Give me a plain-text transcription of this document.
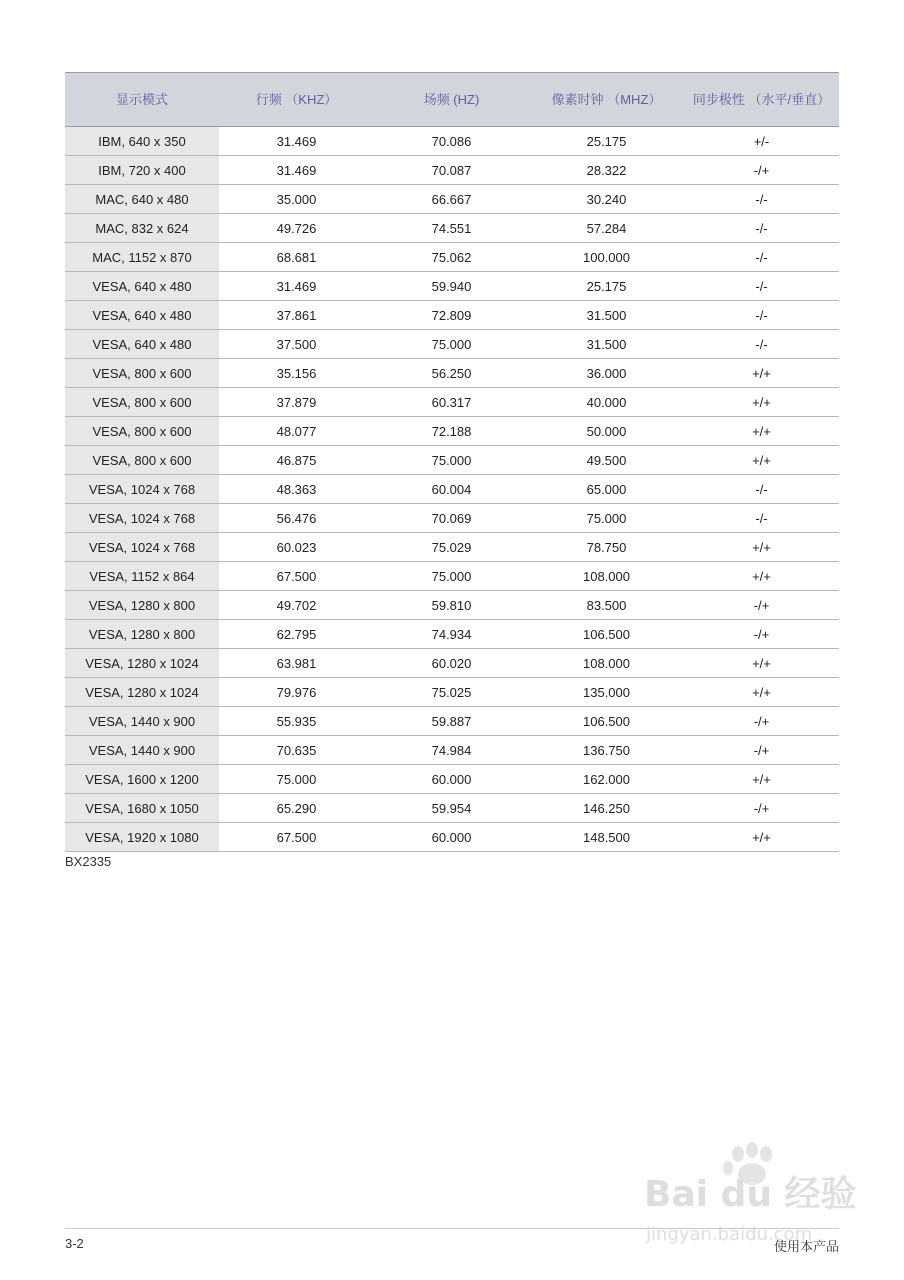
显示模式	行频 （KHZ）	场频 (HZ)	像素时钟 （MHZ）	同步极性 （水平/垂直）
IBM, 640 x 350	31.469	70.086	25.175	+/-
IBM, 720 x 400	31.469	70.087	28.322	-/+
MAC, 640 x 480	35.000	66.667	30.240	-/-
MAC, 832 x 624	49.726	74.551	57.284	-/-
MAC, 1152 x 870	68.681	75.062	100.000	-/-
VESA, 640 x 480	31.469	59.940	25.175	-/-
VESA, 640 x 480	37.861	72.809	31.500	-/-
VESA, 640 x 480	37.500	75.000	31.500	-/-
VESA, 800 x 600	35.156	56.250	36.000	+/+
VESA, 800 x 600	37.879	60.317	40.000	+/+
VESA, 800 x 600	48.077	72.188	50.000	+/+
VESA, 800 x 600	46.875	75.000	49.500	+/+
VESA, 1024 x 768	48.363	60.004	65.000	-/-
VESA, 1024 x 768	56.476	70.069	75.000	-/-
VESA, 1024 x 768	60.023	75.029	78.750	+/+
VESA, 1152 x 864	67.500	75.000	108.000	+/+
VESA, 1280 x 800	49.702	59.810	83.500	-/+
VESA, 1280 x 800	62.795	74.934	106.500	-/+
VESA, 1280 x 1024	63.981	60.020	108.000	+/+
VESA, 1280 x 1024	79.976	75.025	135.000	+/+
VESA, 1440 x 900	55.935	59.887	106.500	-/+
VESA, 1440 x 900	70.635	74.984	136.750	-/+
VESA, 1600 x 1200	75.000	60.000	162.000	+/+
VESA, 1680 x 1050	65.290	59.954	146.250	-/+
VESA, 1920 x 1080	67.500	60.000	148.500	+/+
BX2335
3-2	使用本产品
Bai du 经验
jingyan.baidu.com
